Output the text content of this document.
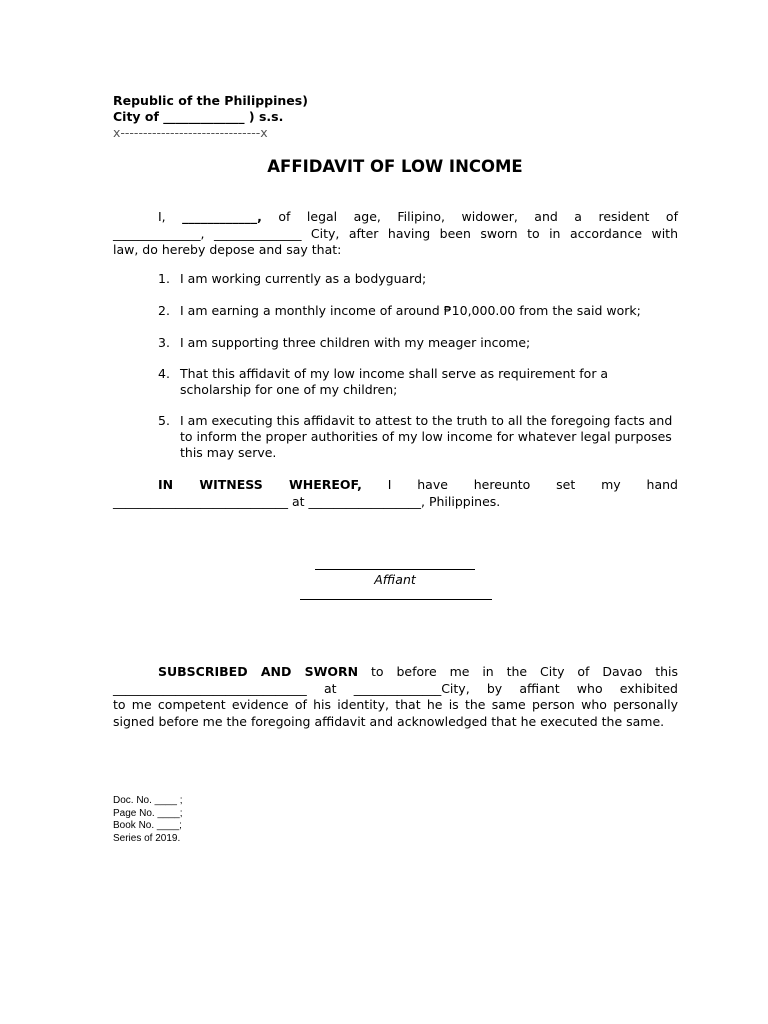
Republic of the Philippines)
City of _____________ ) s.s.
x-------------------------------x
AFFIDAVIT OF LOW INCOME
I, ____________, of legal age, Filipino, widower, and a resident of
______________, ______________ City, after having been sworn to in accordance with
law, do hereby depose and say that:
1. I am working currently as a bodyguard;
2. I am earning a monthly income of around ₱10,000.00 from the said work;
3. I am supporting three children with my meager income;
4. That this affidavit of my low income shall serve as requirement for a scholarship for one of my children;
5. I am executing this affidavit to attest to the truth to all the foregoing facts and to inform the proper authorities of my low income for whatever legal purposes this may serve.
IN WITNESS WHEREOF, I have hereunto set my hand
____________________________ at __________________, Philippines.
Affiant
SUBSCRIBED AND SWORN to before me in the City of Davao this
_______________________________ at ______________City, by affiant who exhibited
to me competent evidence of his identity, that he is the same person who personally
signed before me the foregoing affidavit and acknowledged that he executed the same.
Doc. No. ____ ;
Page No. ____;
Book No. ____;
Series of 2019.
